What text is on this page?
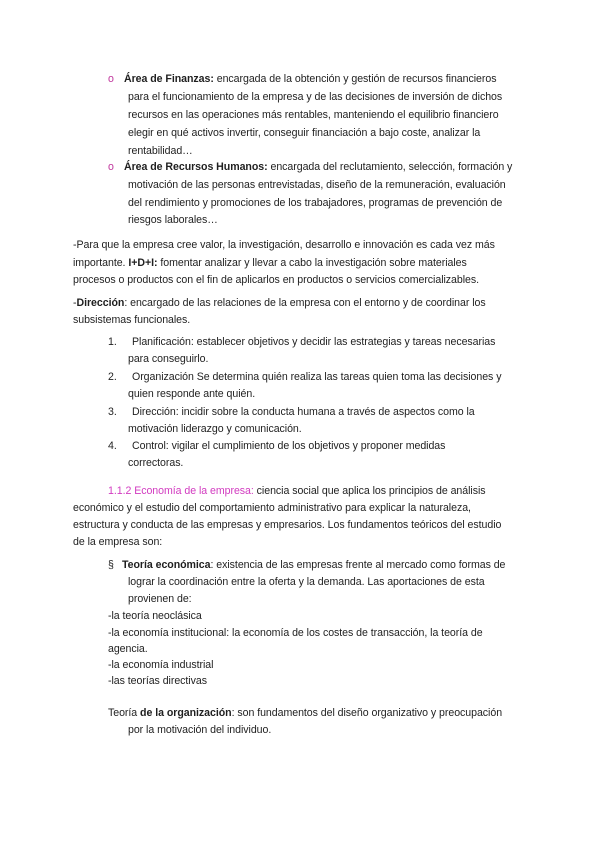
o Área de Finanzas: encargada de la obtención y gestión de recursos financieros
para el funcionamiento de la empresa y de las decisiones de inversión de dichos
recursos en las operaciones más rentables, manteniendo el equilibrio financiero
elegir en qué activos invertir, conseguir financiación a bajo coste, analizar la
rentabilidad…
o Área de Recursos Humanos: encargada del reclutamiento, selección, formación y
motivación de las personas entrevistadas, diseño de la remuneración, evaluación
del rendimiento y promociones de los trabajadores, programas de prevención de
riesgos laborales…
-Para que la empresa cree valor, la investigación, desarrollo e innovación es cada vez más
importante. I+D+I: fomentar analizar y llevar a cabo la investigación sobre materiales
procesos o productos con el fin de aplicarlos en productos o servicios comercializables.
-Dirección: encargado de las relaciones de la empresa con el entorno y de coordinar los
subsistemas funcionales.
1. Planificación: establecer objetivos y decidir las estrategias y tareas necesarias
para conseguirlo.
2. Organización Se determina quién realiza las tareas quien toma las decisiones y
quien responde ante quién.
3. Dirección: incidir sobre la conducta humana a través de aspectos como la
motivación liderazgo y comunicación.
4. Control: vigilar el cumplimiento de los objetivos y proponer medidas
correctoras.
1.1.2 Economía de la empresa: ciencia social que aplica los principios de análisis
económico y el estudio del comportamiento administrativo para explicar la naturaleza,
estructura y conducta de las empresas y empresarios. Los fundamentos teóricos del estudio
de la empresa son:
§ Teoría económica: existencia de las empresas frente al mercado como formas de
lograr la coordinación entre la oferta y la demanda. Las aportaciones de esta
provienen de:
-la teoría neoclásica
-la economía institucional: la economía de los costes de transacción, la teoría de
agencia.
-la economía industrial
-las teorías directivas
Teoría de la organización: son fundamentos del diseño organizativo y preocupación
por la motivación del individuo.
